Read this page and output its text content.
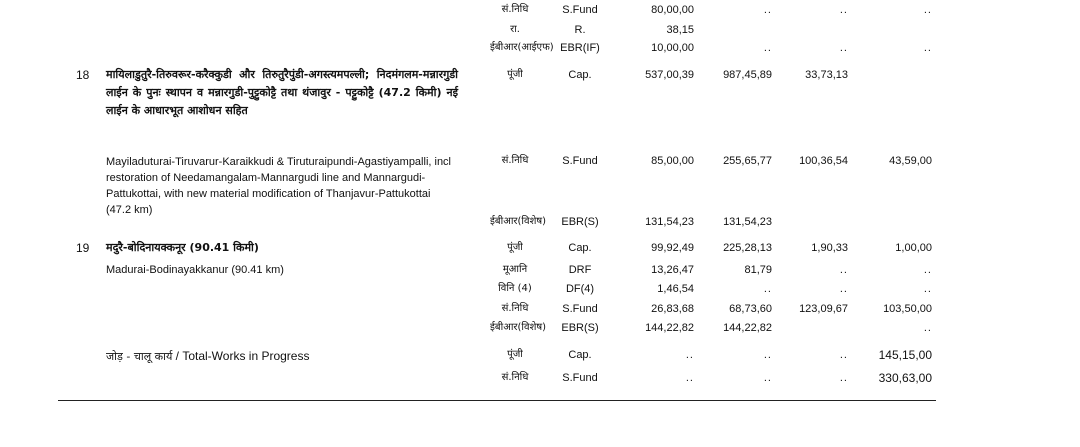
सं.निधि	S.Fund	80,00,00	..	..	..
रा.	R.	38,15
ईबीआर(आईएफ) EBR(IF)	10,00,00	..	..	..
18	पूंजी	Cap.	537,00,39	987,45,89	33,73,13
मायिलाडुतुरै-तिरुवरूर-करैक्कुडी और तिरुतुरैपुंडी-अगस्त्यमपल्ली; निदमंगलम-मन्नारगुडी लाईन के पुनः स्थापन व मन्नारगुडी-पुट्टुकोट्टै तथा थंजावुर - पट्टुकोट्टै (47.2 किमी) नई लाईन के आधारभूत आशोधन सहित
Mayiladuturai-Tiruvarur-Karaikkudi & Tiruturaipundi-Agastiyampalli, incl restoration of Needamangalam-Mannargudi line and Mannargudi-Pattukottai, with new material modification of Thanjavur-Pattukottai (47.2 km)
सं.निधि	S.Fund	85,00,00	255,65,77	100,36,54	43,59,00
ईबीआर(विशेष)	EBR(S)	131,54,23	131,54,23
19	पूंजी	Cap.	99,92,49	225,28,13	1,90,33	1,00,00
मदुरै-बोदिनायक्कनूर (90.41 किमी)
Madurai-Bodinayakkanur (90.41 km)	मूआनि	DRF	13,26,47	81,79	..	..
विनि (4)	DF(4)	1,46,54	..	..	..
सं.निधि	S.Fund	26,83,68	68,73,60	123,09,67	103,50,00
ईबीआर(विशेष)	EBR(S)	144,22,82	144,22,82	..
जोड़ - चालू कार्य / Total-Works in Progress	पूंजी	Cap.	..	..	..	145,15,00
सं.निधि	S.Fund	..	..	..	330,63,00
